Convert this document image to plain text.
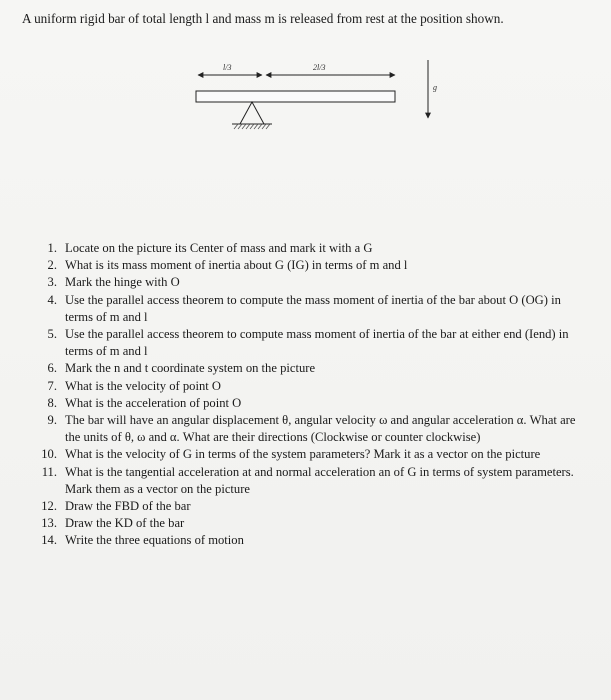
A uniform rigid bar of total length l and mass m is released from rest at the position shown.
l/3	2l/3
g
1. Locate on the picture its Center of mass and mark it with a G
2. What is its mass moment of inertia about G (IG) in terms of m and l
3. Mark the hinge with O
4. Use the parallel access theorem to compute the mass moment of inertia of the bar about O (OG) in terms of m and l
5. Use the parallel access theorem to compute mass moment of inertia of the bar at either end (Iend) in terms of m and l
6. Mark the n and t coordinate system on the picture
7. What is the velocity of point O
8. What is the acceleration of point O
9. The bar will have an angular displacement θ, angular velocity ω and angular acceleration α. What are the units of θ, ω and α. What are their directions (Clockwise or counter clockwise)
10. What is the velocity of G in terms of the system parameters? Mark it as a vector on the picture
11. What is the tangential acceleration at and normal acceleration an of G in terms of system parameters. Mark them as a vector on the picture
12. Draw the FBD of the bar
13. Draw the KD of the bar
14. Write the three equations of motion
